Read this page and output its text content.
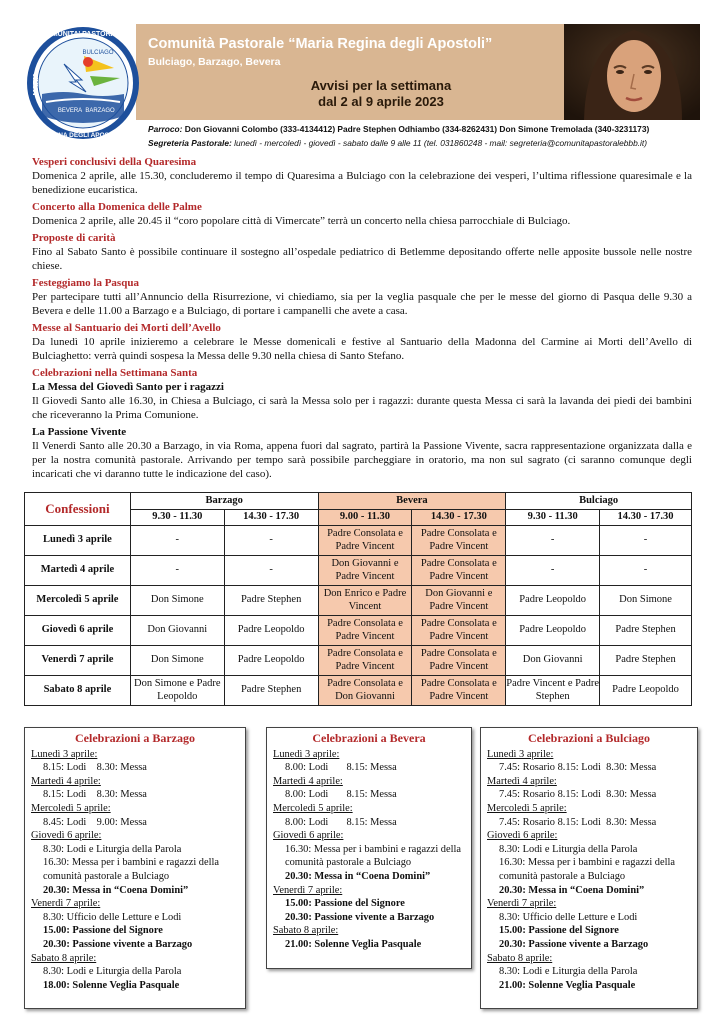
Comunità Pastorale “Maria Regina degli Apostoli”
Bulciago, Barzago, Bevera
Avvisi per la settimana
dal 2 al 9 aprile 2023
COMUNITA' PASTORALE
MARIA
REGINA DEGLI APOSTOLI
BULCIAGO
BEVERA BARZAGO
Parroco: Don Giovanni Colombo (333-4134412) Padre Stephen Odhiambo (334-8262431) Don Simone Tremolada (340-3231173)
Segreteria Pastorale: lunedì - mercoledì - giovedì - sabato dalle 9 alle 11 (tel. 031860248 - mail: segreteria@comunitapastoralebbb.it)
Vesperi conclusivi della Quaresima
Domenica 2 aprile, alle 15.30, concluderemo il tempo di Quaresima a Bulciago con la celebrazione dei vesperi, l’ultima riflessione quaresimale e la benedizione eucaristica.
Concerto alla Domenica delle Palme
Domenica 2 aprile, alle 20.45 il “coro popolare città di Vimercate” terrà un concerto nella chiesa parrocchiale di Bulciago.
Proposte di carità
Fino al Sabato Santo è possibile continuare il sostegno all’ospedale pediatrico di Betlemme depositando offerte nelle apposite bussole nelle nostre chiese.
Festeggiamo la Pasqua
Per partecipare tutti all’Annuncio della Risurrezione, vi chiediamo, sia per la veglia pasquale che per le messe del giorno di Pasqua delle 9.30 a Bevera e delle 11.00 a Barzago e a Bulciago, di portare i campanelli che avete a casa.
Messe al Santuario dei Morti dell’Avello
Da lunedì 10 aprile inizieremo a celebrare le Messe domenicali e festive al Santuario della Madonna del Carmine ai Morti dell’Avello di Bulciaghetto: verrà quindi sospesa la Messa delle 9.30 nella chiesa di Santo Stefano.
Celebrazioni nella Settimana Santa
La Messa del Giovedì Santo per i ragazzi
Il Giovedì Santo alle 16.30, in Chiesa a Bulciago, ci sarà la Messa solo per i ragazzi: durante questa Messa ci sarà la lavanda dei piedi dei bambini che riceveranno la Prima Comunione.
La Passione Vivente
Il Venerdì Santo alle 20.30 a Barzago, in via Roma, appena fuori dal sagrato, partirà la Passione Vivente, sacra rappresentazione organizzata dalla e per la nostra comunità pastorale. Arrivando per tempo sarà possibile parcheggiare in oratorio, ma non sul sagrato (ci saranno comunque degli incaricati che vi daranno tutte le indicazione del caso).
Confessioni	Barzago		Bevera		Bulciago	
	9.30 - 11.30	14.30 - 17.30	9.00 - 11.30	14.30 - 17.30	9.30 - 11.30	14.30 - 17.30
Lunedì 3 aprile	-	-	Padre Consolata e Padre Vincent	Padre Consolata e Padre Vincent	-	-
Martedì 4 aprile	-	-	Don Giovanni e Padre Vincent	Padre Consolata e Padre Vincent	-	-
Mercoledì 5 aprile	Don Simone	Padre Stephen	Don Enrico e Padre Vincent	Don Giovanni e Padre Vincent	Padre Leopoldo	Don Simone
Giovedì 6 aprile	Don Giovanni	Padre Leopoldo	Padre Consolata e Padre Vincent	Padre Consolata e Padre Vincent	Padre Leopoldo	Padre Stephen
Venerdì 7 aprile	Don Simone	Padre Leopoldo	Padre Consolata e Padre Vincent	Padre Consolata e Padre Vincent	Don Giovanni	Padre Stephen
Sabato 8 aprile	Don Simone e Padre Leopoldo	Padre Stephen	Padre Consolata e Don Giovanni	Padre Consolata e Padre Vincent	Padre Vincent e Padre Stephen	Padre Leopoldo
Celebrazioni a Barzago
Lunedì 3 aprile:
8.15: Lodi    8.30: Messa
Martedì 4 aprile:
8.15: Lodi    8.30: Messa
Mercoledì 5 aprile:
8.45: Lodi    9.00: Messa
Giovedì 6 aprile:
8.30: Lodi e Liturgia della Parola
16.30: Messa per i bambini e ragazzi della comunità pastorale a Bulciago
20.30: Messa in “Coena Domini”
Venerdì 7 aprile:
8.30: Ufficio delle Letture e Lodi
15.00: Passione del Signore
20.30: Passione vivente a Barzago
Sabato 8 aprile:
8.30: Lodi e Liturgia della Parola
18.00: Solenne Veglia Pasquale
Celebrazioni a Bevera
Lunedì 3 aprile:
8.00: Lodi       8.15: Messa
Martedì 4 aprile:
8.00: Lodi       8.15: Messa
Mercoledì 5 aprile:
8.00: Lodi       8.15: Messa
Giovedì 6 aprile:
16.30: Messa per i bambini e ragazzi della comunità pastorale a Bulciago
20.30: Messa in “Coena Domini”
Venerdì 7 aprile:
15.00: Passione del Signore
20.30: Passione vivente a Barzago
Sabato 8 aprile:
21.00: Solenne Veglia Pasquale
Celebrazioni a Bulciago
Lunedì 3 aprile:
7.45: Rosario 8.15: Lodi  8.30: Messa
Martedì 4 aprile:
7.45: Rosario 8.15: Lodi  8.30: Messa
Mercoledì 5 aprile:
7.45: Rosario 8.15: Lodi  8.30: Messa
Giovedì 6 aprile:
8.30: Lodi e Liturgia della Parola
16.30: Messa per i bambini e ragazzi della comunità pastorale a Bulciago
20.30: Messa in “Coena Domini”
Venerdì 7 aprile:
8.30: Ufficio delle Letture e Lodi
15.00: Passione del Signore
20.30: Passione vivente a Barzago
Sabato 8 aprile:
8.30: Lodi e Liturgia della Parola
21.00: Solenne Veglia Pasquale
